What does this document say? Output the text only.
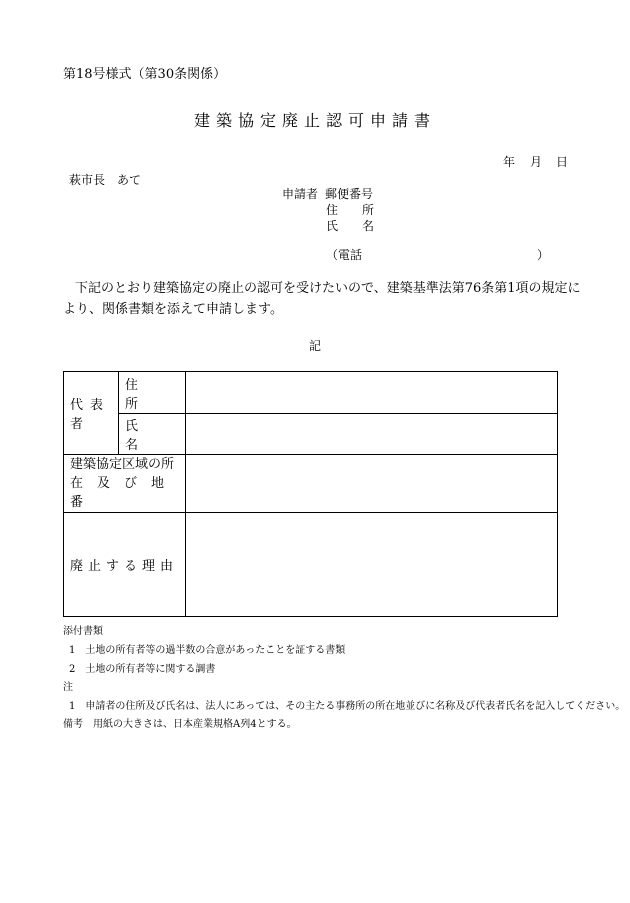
第18号様式（第30条関係）
建築協定廃止認可申請書
年 月 日
萩市長　あて
申請者 郵便番号
住　　所
氏　　名
（電話	）
下記のとおり建築協定の廃止の認可を受けたいので、建築基準法第76条第1項の規定により、関係書類を添えて申請します。
記
代表者	住　所	
	氏　名	

建築協定区域の所
在及び地番		

廃止する理由		
添付書類
1　土地の所有者等の過半数の合意があったことを証する書類
2　土地の所有者等に関する調書
注
1　申請者の住所及び氏名は、法人にあっては、その主たる事務所の所在地並びに名称及び代表者氏名を記入してください。
備考　用紙の大きさは、日本産業規格A列4とする。
